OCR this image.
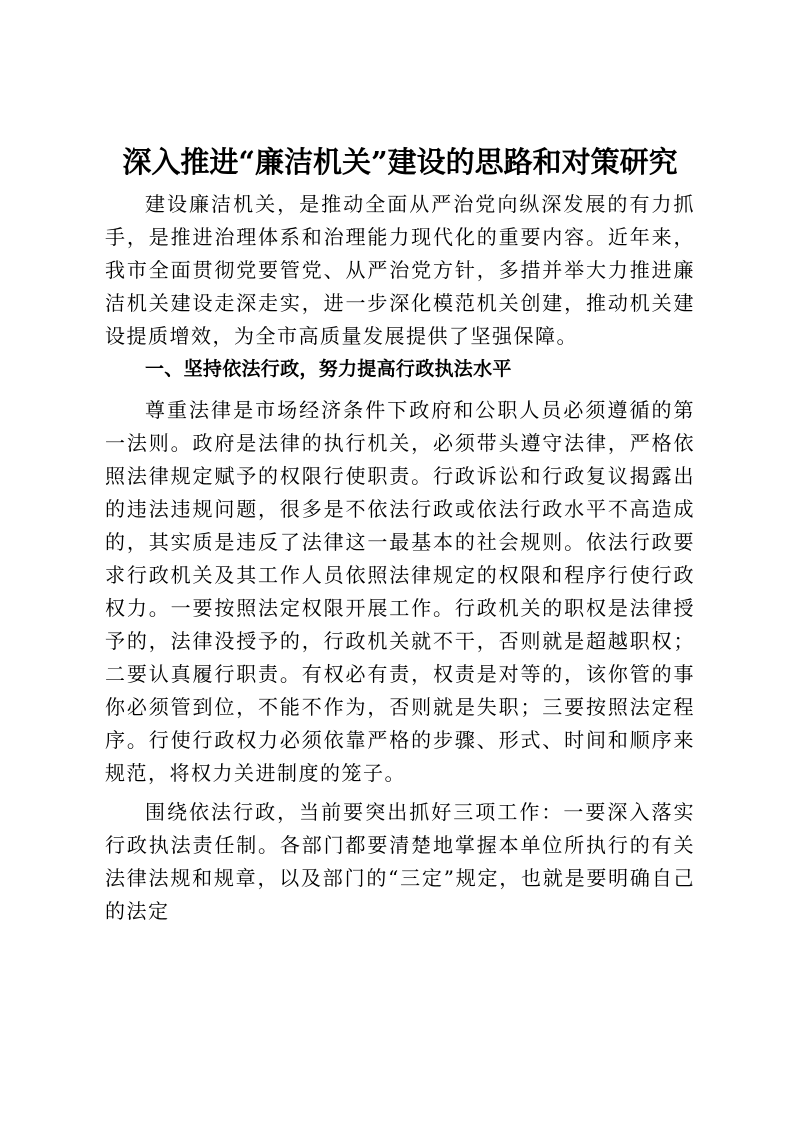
深入推进“廉洁机关”建设的思路和对策研究

建设廉洁机关，是推动全面从严治党向纵深发展的有力抓手，是推进治理体系和治理能力现代化的重要内容。近年来，我市全面贯彻党要管党、从严治党方针，多措并举大力推进廉洁机关建设走深走实，进一步深化模范机关创建，推动机关建设提质增效，为全市高质量发展提供了坚强保障。

一、坚持依法行政，努力提高行政执法水平

尊重法律是市场经济条件下政府和公职人员必须遵循的第一法则。政府是法律的执行机关，必须带头遵守法律，严格依照法律规定赋予的权限行使职责。行政诉讼和行政复议揭露出的违法违规问题，很多是不依法行政或依法行政水平不高造成的，其实质是违反了法律这一最基本的社会规则。依法行政要求行政机关及其工作人员依照法律规定的权限和程序行使行政权力。一要按照法定权限开展工作。行政机关的职权是法律授予的，法律没授予的，行政机关就不干，否则就是超越职权；二要认真履行职责。有权必有责，权责是对等的，该你管的事你必须管到位，不能不作为，否则就是失职；三要按照法定程序。行使行政权力必须依靠严格的步骤、形式、时间和顺序来规范，将权力关进制度的笼子。

围绕依法行政，当前要突出抓好三项工作：一要深入落实行政执法责任制。各部门都要清楚地掌握本单位所执行的有关法律法规和规章，以及部门的“三定”规定，也就是要明确自己的法定
